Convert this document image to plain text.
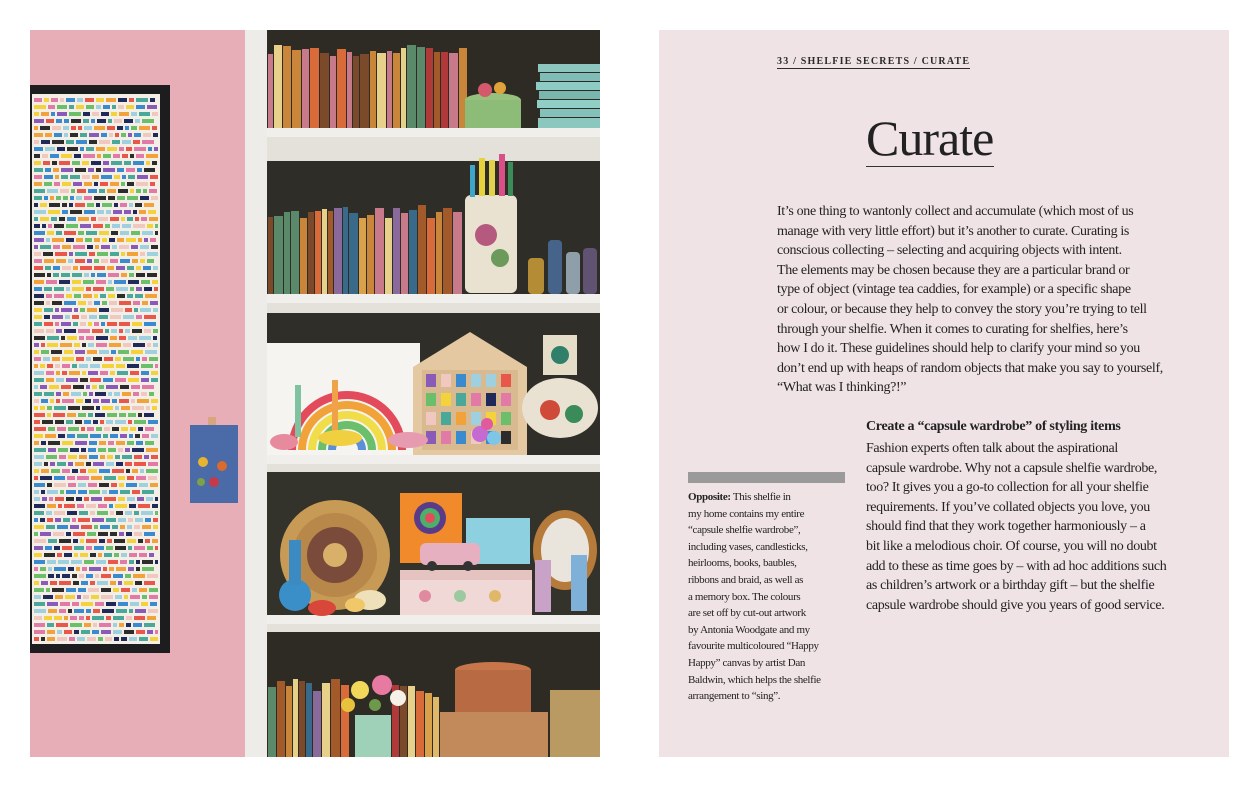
33 / SHELFIE SECRETS / CURATE
Curate

It’s one thing to wantonly collect and accumulate (which most of us
manage with very little effort) but it’s another to curate. Curating is
conscious collecting – selecting and acquiring objects with intent.
The elements may be chosen because they are a particular brand or
type of object (vintage tea caddies, for example) or a specific shape
or colour, or because they help to convey the story you’re trying to tell
through your shelfie. When it comes to curating for shelfies, here’s
how I do it. These guidelines should help to clarify your mind so you
don’t end up with heaps of random objects that make you say to yourself,
“What was I thinking?!”

Create a “capsule wardrobe” of styling items
Fashion experts often talk about the aspirational
capsule wardrobe. Why not a capsule shelfie wardrobe,
too? It gives you a go-to collection for all your shelfie
requirements. If you’ve collated objects you love, you
should find that they work together harmoniously – a
bit like a melodious choir. Of course, you will no doubt
add to these as time goes by – with ad hoc additions such
as children’s artwork or a birthday gift – but the shelfie
capsule wardrobe should give you years of good service.
Opposite: This shelfie in
my home contains my entire
“capsule shelfie wardrobe”,
including vases, candlesticks,
heirlooms, books, baubles,
ribbons and braid, as well as
a memory box. The colours
are set off by cut-out artwork
by Antonia Woodgate and my
favourite multicoloured “Happy
Happy” canvas by artist Dan
Baldwin, which helps the shelfie
arrangement to “sing”.
